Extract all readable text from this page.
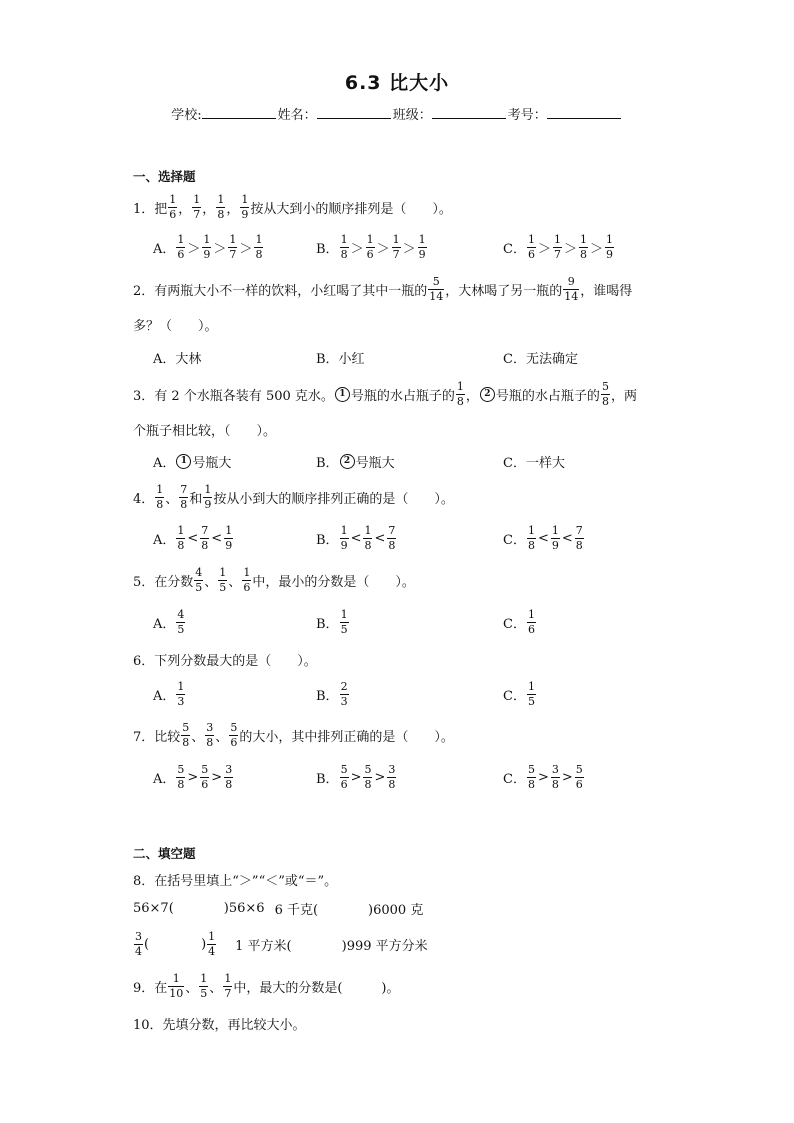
6.3 比大小
学校:	姓名：	班级：	考号：
一、选择题
1．把 $\frac{1}{6}$ ， $\frac{1}{7}$ ， $\frac{1}{8}$ ， $\frac{1}{9}$ 按从大到小的顺序排列是（　　）。
A． $\frac{1}{6} > \frac{1}{9} > \frac{1}{7} > \frac{1}{8}$	B． $\frac{1}{8} > \frac{1}{6} > \frac{1}{7} > \frac{1}{9}$	C． $\frac{1}{6} > \frac{1}{7} > \frac{1}{8} > \frac{1}{9}$
2．有两瓶大小不一样的饮料，小红喝了其中一瓶的 $\frac{5}{14}$ ，大林喝了另一瓶的 $\frac{9}{14}$ ，谁喝得
多？（　　）。
A．大林	B．小红	C．无法确定
3．有 2 个水瓶各装有 500 克水。 1 号瓶的水占瓶子的 $\frac{1}{8}$ ， 2 号瓶的水占瓶子的 $\frac{5}{8}$ ，两
个瓶子相比较，（　　）。
A． 1 号瓶大	B． 2 号瓶大	C．一样大
4． $\frac{1}{8}$ 、 $\frac{7}{8}$ 和 $\frac{1}{9}$ 按从小到大的顺序排列正确的是（　　）。
A． $\frac{1}{8} < \frac{7}{8} < \frac{1}{9}$	B． $\frac{1}{9} < \frac{1}{8} < \frac{7}{8}$	C． $\frac{1}{8} < \frac{1}{9} < \frac{7}{8}$
5．在分数 $\frac{4}{5}$ 、 $\frac{1}{5}$ 、 $\frac{1}{6}$ 中，最小的分数是（　　）。
A． $\frac{4}{5}$	B． $\frac{1}{5}$	C． $\frac{1}{6}$
6．下列分数最大的是（　　）。
A． $\frac{1}{3}$	B． $\frac{2}{3}$	C． $\frac{1}{5}$
7．比较 $\frac{5}{8}$ 、 $\frac{3}{8}$ 、 $\frac{5}{6}$ 的大小，其中排列正确的是（　　）。
A． $\frac{5}{8} > \frac{5}{6} > \frac{3}{8}$	B． $\frac{5}{6} > \frac{5}{8} > \frac{3}{8}$	C． $\frac{5}{8} > \frac{3}{8} > \frac{5}{6}$
二、填空题
8．在括号里填上“＞”“＜”或“＝”。
56×7(	)56×6 6 千克(	)6000 克
$\frac{3}{4}$ (	) $\frac{1}{4} 1$ 平方米(	)999 平方分米
9．在 $\frac{1}{10}$ 、 $\frac{1}{5}$ 、 $\frac{1}{7}$ 中，最大的分数是(　　　)。
10．先填分数，再比较大小。
